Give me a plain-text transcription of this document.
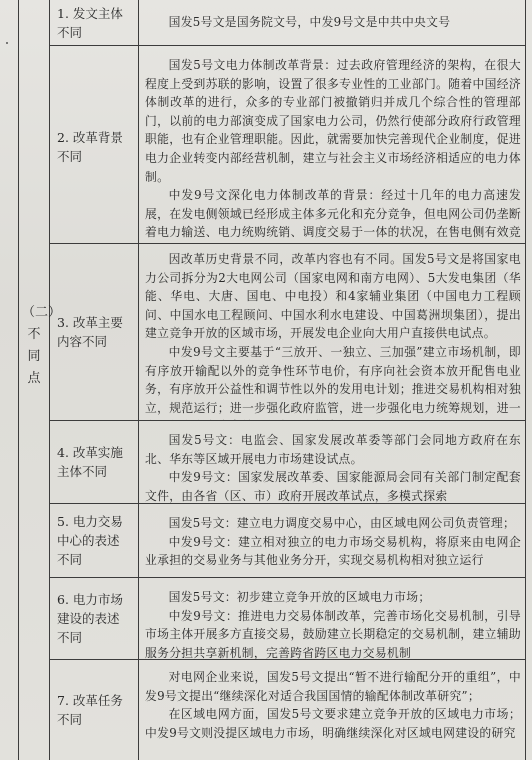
（二）
不
同
点
1. 发文主体
不同

国发5号文是国务院文号，中发9号文是中共中央文号

2. 改革背景
不同

国发5号文电力体制改革背景：过去政府管理经济的架构，在很大程度上受到苏联的影响，设置了很多专业性的工业部门。随着中国经济体制改革的进行，众多的专业部门被撤销归并成几个综合性的管理部门，以前的电力部演变成了国家电力公司，仍然行使部分政府行政管理职能，也有企业管理职能。因此，就需要加快完善现代企业制度，促进电力企业转变内部经营机制，建立与社会主义市场经济相适应的电力体制。

中发9号文深化电力体制改革的背景：经过十几年的电力高速发展，在发电侧领域已经形成主体多元化和充分竞争，但电网公司仍垄断着电力输送、电力统购统销、调度交易于一体的状况，在售电侧有效竞

3. 改革主要
内容不同

因改革历史背景不同，改革内容也有不同。国发5号文是将国家电力公司拆分为2大电网公司（国家电网和南方电网）、5大发电集团（华能、华电、大唐、国电、中电投）和4家辅业集团（中国电力工程顾问、中国水电工程顾问、中国水利水电建设、中国葛洲坝集团），提出建立竞争开放的区域市场，开展发电企业向大用户直接供电试点。

中发9号文主要基于“三放开、一独立、三加强”建立市场机制，即有序放开输配以外的竞争性环节电价，有序向社会资本放开配售电业务，有序放开公益性和调节性以外的发用电计划；推进交易机构相对独立，规范运行；进一步强化政府监管，进一步强化电力统筹规划，进一

4. 改革实施
主体不同

国发5号文：电监会、国家发展改革委等部门会同地方政府在东北、华东等区域开展电力市场建设试点。

中发9号文：国家发展改革委、国家能源局会同有关部门制定配套文件，由各省（区、市）政府开展改革试点，多模式探索

5. 电力交易
中心的表述
不同

国发5号文：建立电力调度交易中心，由区域电网公司负责管理；

中发9号文：建立相对独立的电力市场交易机构，将原来由电网企业承担的交易业务与其他业务分开，实现交易机构相对独立运行

6. 电力市场
建设的表述
不同

国发5号文：初步建立竞争开放的区域电力市场；

中发9号文：推进电力交易体制改革，完善市场化交易机制，引导市场主体开展多方直接交易，鼓励建立长期稳定的交易机制，建立辅助服务分担共享新机制，完善跨省跨区电力交易机制

7. 改革任务
不同

对电网企业来说，国发5号文提出“暂不进行输配分开的重组”，中发9号文提出“继续深化对适合我国国情的输配体制改革研究”；

在区域电网方面，国发5号文要求建立竞争开放的区域电力市场；中发9号文则没提区域电力市场，明确继续深化对区域电网建设的研究
